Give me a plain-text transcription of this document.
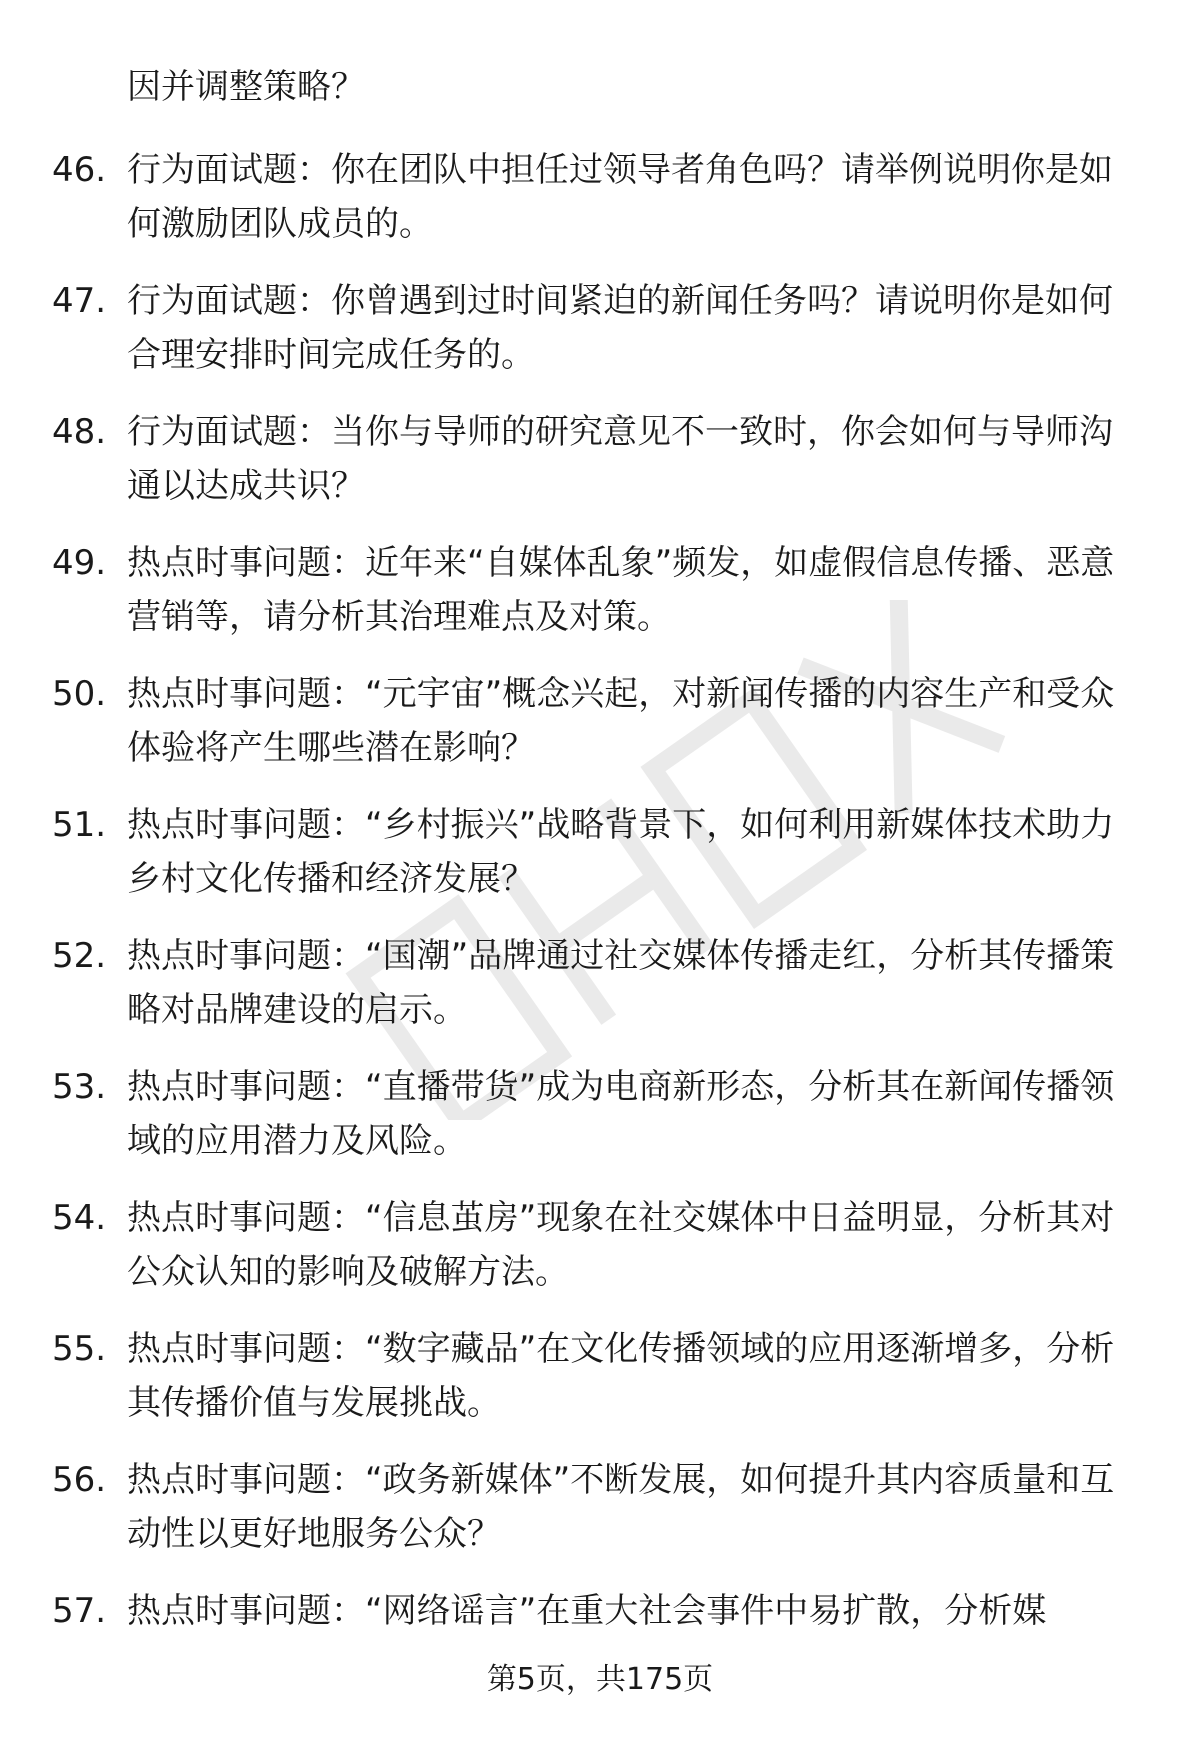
因并调整策略？
46. 行为面试题：你在团队中担任过领导者角色吗？请举例说明你是如何激励团队成员的。
47. 行为面试题：你曾遇到过时间紧迫的新闻任务吗？请说明你是如何合理安排时间完成任务的。
48. 行为面试题：当你与导师的研究意见不一致时，你会如何与导师沟通以达成共识？
49. 热点时事问题：近年来“自媒体乱象”频发，如虚假信息传播、恶意营销等，请分析其治理难点及对策。
50. 热点时事问题：“元宇宙”概念兴起，对新闻传播的内容生产和受众体验将产生哪些潜在影响？
51. 热点时事问题：“乡村振兴”战略背景下，如何利用新媒体技术助力乡村文化传播和经济发展？
52. 热点时事问题：“国潮”品牌通过社交媒体传播走红，分析其传播策略对品牌建设的启示。
53. 热点时事问题：“直播带货”成为电商新形态，分析其在新闻传播领域的应用潜力及风险。
54. 热点时事问题：“信息茧房”现象在社交媒体中日益明显，分析其对公众认知的影响及破解方法。
55. 热点时事问题：“数字藏品”在文化传播领域的应用逐渐增多，分析其传播价值与发展挑战。
56. 热点时事问题：“政务新媒体”不断发展，如何提升其内容质量和互动性以更好地服务公众？
57. 热点时事问题：“网络谣言”在重大社会事件中易扩散，分析媒
第5页，共175页
